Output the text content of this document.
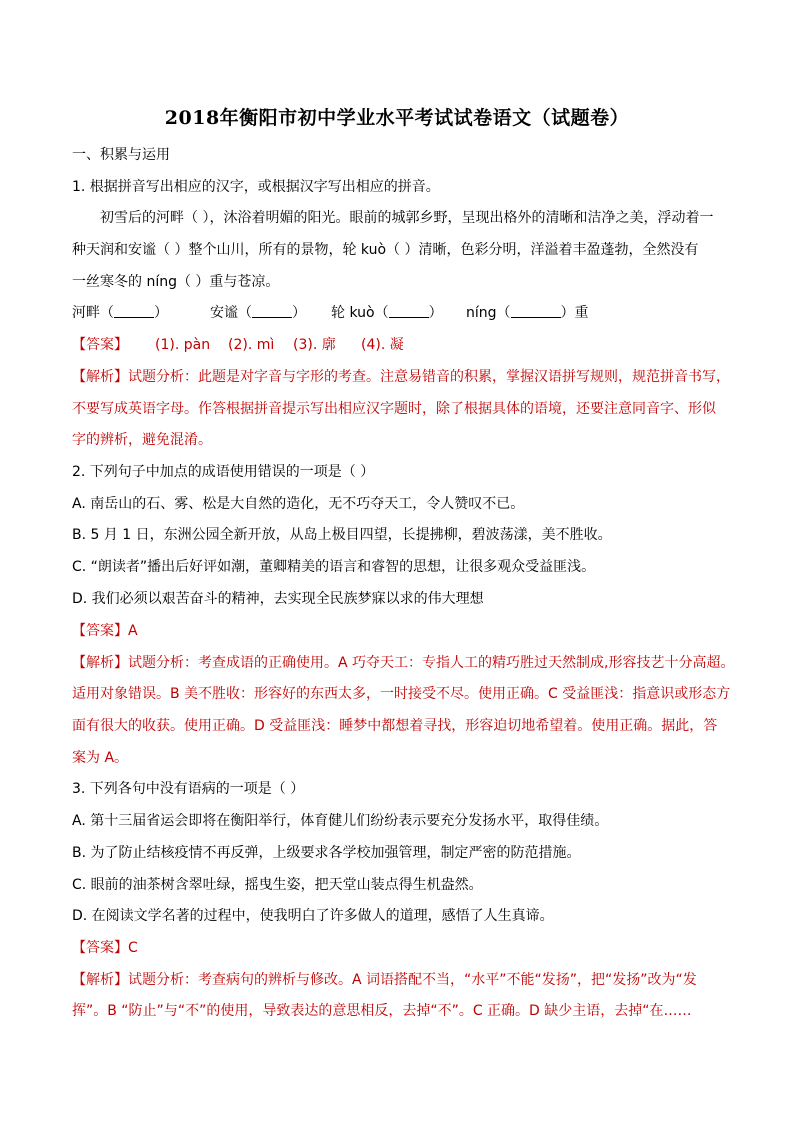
2018年衡阳市初中学业水平考试试卷语文（试题卷）
一、积累与运用
1. 根据拼音写出相应的汉字，或根据汉字写出相应的拼音。
初雪后的河畔（ ），沐浴着明媚的阳光。眼前的城郭乡野，呈现出格外的清晰和洁净之美，浮动着一
种天润和安谧（ ）整个山川，所有的景物，轮 kuò（ ）清晰，色彩分明，洋溢着丰盈蓬勃，全然没有
一丝寒冬的 níng（ ）重与苍凉。
河畔（	）	安谧（	） 轮 kuò（	） níng（	）重
【答案】 (1). pàn (2). mì (3). 廓 (4). 凝
【解析】试题分析：此题是对字音与字形的考查。注意易错音的积累，掌握汉语拼写规则，规范拼音书写，
不要写成英语字母。作答根据拼音提示写出相应汉字题时，除了根据具体的语境，还要注意同音字、形似
字的辨析，避免混淆。
2. 下列句子中加点的成语使用错误的一项是（ ）
A. 南岳山的石、雾、松是大自然的造化，无不巧夺天工，令人赞叹不已。
B. 5 月 1 日，东洲公园全新开放，从岛上极目四望，长提拂柳，碧波荡漾，美不胜收。
C. “朗读者”播出后好评如潮，董卿精美的语言和睿智的思想，让很多观众受益匪浅。
D. 我们必须以艰苦奋斗的精神，去实现全民族梦寐以求的伟大理想
【答案】A
【解析】试题分析：考查成语的正确使用。A 巧夺天工：专指人工的精巧胜过天然制成,形容技艺十分高超。
适用对象错误。B 美不胜收：形容好的东西太多，一时接受不尽。使用正确。C 受益匪浅：指意识或形态方
面有很大的收获。使用正确。D 受益匪浅：睡梦中都想着寻找，形容迫切地希望着。使用正确。据此，答
案为 A。
3. 下列各句中没有语病的一项是（ ）
A. 第十三届省运会即将在衡阳举行，体育健儿们纷纷表示要充分发扬水平，取得佳绩。
B. 为了防止结核疫情不再反弹，上级要求各学校加强管理，制定严密的防范措施。
C. 眼前的油茶树含翠吐绿，摇曳生姿，把天堂山装点得生机盎然。
D. 在阅读文学名著的过程中，使我明白了许多做人的道理，感悟了人生真谛。
【答案】C
【解析】试题分析：考查病句的辨析与修改。A 词语搭配不当，“水平”不能“发扬”，把“发扬”改为“发
挥”。B “防止”与“不”的使用，导致表达的意思相反，去掉“不”。C 正确。D 缺少主语，去掉“在……
